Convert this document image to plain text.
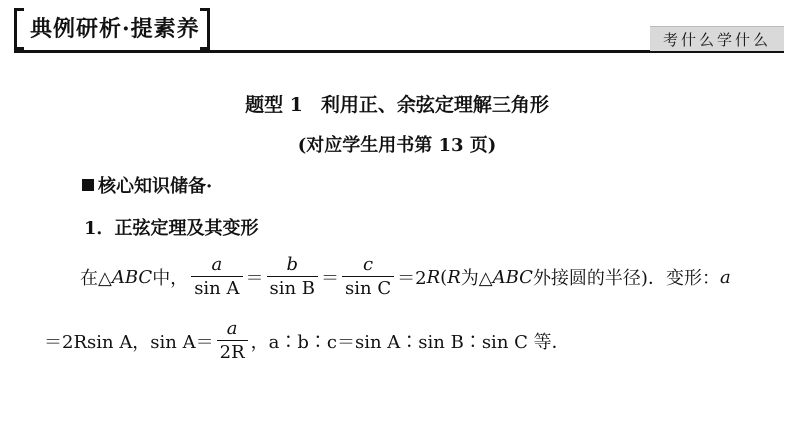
典例研析·提素养	考什么学什么
题型 1 利用正、余弦定理解三角形
(对应学生用书第 13 页)
核心知识储备·
1．正弦定理及其变形
在△ ABC 中， $\frac{a}{\text{sin A}} = \frac{b}{\text{sin B}} = \frac{c}{\text{sin C}} =2$ R ( R 为△ ABC 外接圆的半径)．变形： a
＝2Rsin A，$\sin A= \frac{a}{2R}$ ，a∶b∶c＝sin A∶sin B∶sin C 等．
